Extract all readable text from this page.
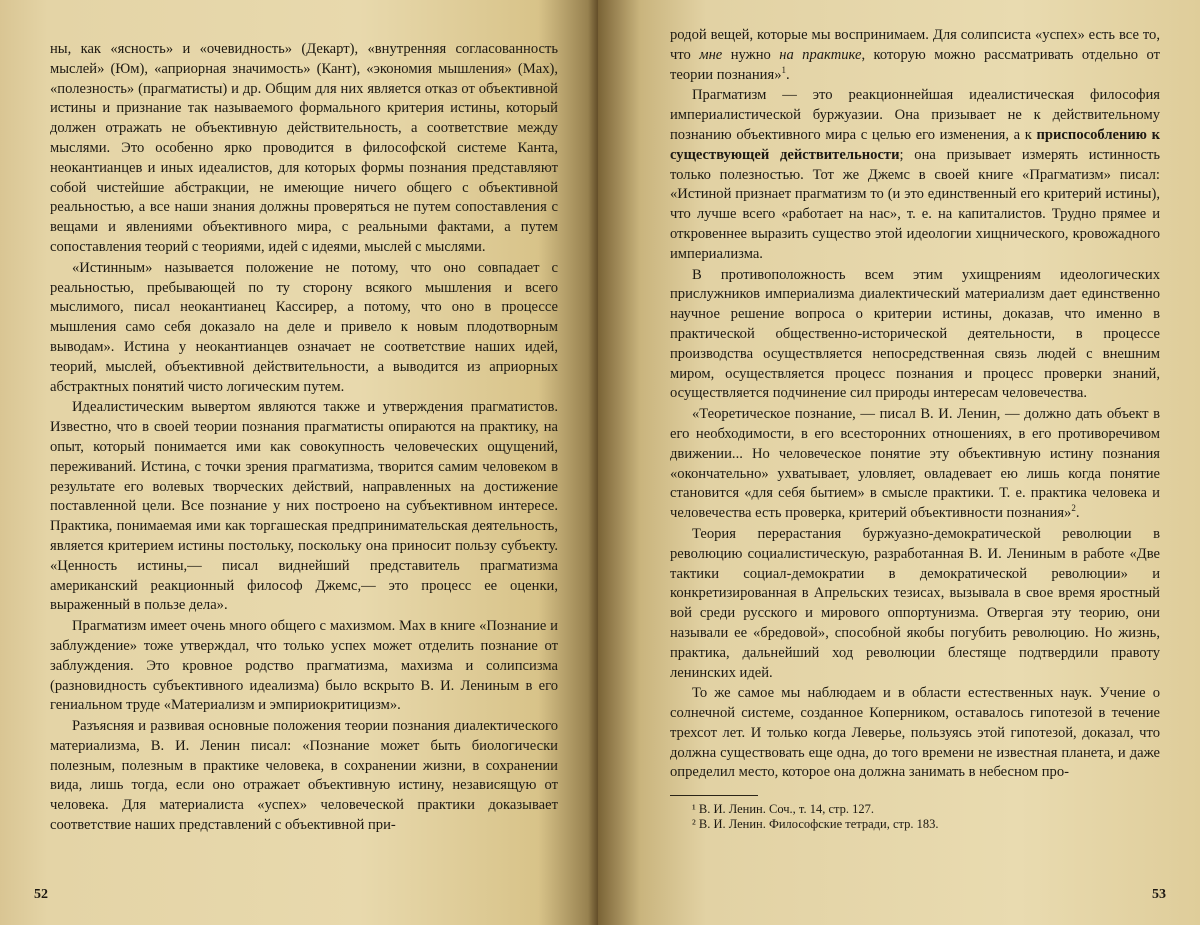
ны, как «ясность» и «очевидность» (Декарт), «внутренняя согласованность мыслей» (Юм), «априорная значимость» (Кант), «экономия мышления» (Мах), «полезность» (прагматисты) и др. Общим для них является отказ от объективной истины и признание так называемого формального критерия истины, который должен отражать не объективную действительность, а соответствие между мыслями. Это особенно ярко проводится в философской системе Канта, неокантианцев и иных идеалистов, для которых формы познания представляют собой чистейшие абстракции, не имеющие ничего общего с объективной реальностью, а все наши знания должны проверяться не путем сопоставления с вещами и явлениями объективного мира, с реальными фактами, а путем сопоставления теорий с теориями, идей с идеями, мыслей с мыслями.

«Истинным» называется положение не потому, что оно совпадает с реальностью, пребывающей по ту сторону всякого мышления и всего мыслимого, писал неокантианец Кассирер, а потому, что оно в процессе мышления само себя доказало на деле и привело к новым плодотворным выводам». Истина у неокантианцев означает не соответствие наших идей, теорий, мыслей, объективной действительности, а выводится из априорных абстрактных понятий чисто логическим путем.

Идеалистическим вывертом являются также и утверждения прагматистов. Известно, что в своей теории познания прагматисты опираются на практику, на опыт, который понимается ими как совокупность человеческих ощущений, переживаний. Истина, с точки зрения прагматизма, творится самим человеком в результате его волевых творческих действий, направленных на достижение поставленной цели. Все познание у них построено на субъективном интересе. Практика, понимаемая ими как торгашеская предпринимательская деятельность, является критерием истины постольку, поскольку она приносит пользу субъекту. «Ценность истины,— писал виднейший представитель прагматизма американский реакционный философ Джемс,— это процесс ее оценки, выраженный в пользе дела».

Прагматизм имеет очень много общего с махизмом. Мах в книге «Познание и заблуждение» тоже утверждал, что только успех может отделить познание от заблуждения. Это кровное родство прагматизма, махизма и солипсизма (разновидность субъективного идеализма) было вскрыто В. И. Лениным в его гениальном труде «Материализм и эмпириокритицизм».

Разъясняя и развивая основные положения теории познания диалектического материализма, В. И. Ленин писал: «Познание может быть биологически полезным, полезным в практике человека, в сохранении жизни, в сохранении вида, лишь тогда, если оно отражает объективную истину, независящую от человека. Для материалиста «успех» человеческой практики доказывает соответствие наших представлений с объективной при-

52

родой вещей, которые мы воспринимаем. Для солипсиста «успех» есть все то, что мне нужно на практике, которую можно рассматривать отдельно от теории познания»$^1$.

Прагматизм — это реакционнейшая идеалистическая философия империалистической буржуазии. Она призывает не к действительному познанию объективного мира с целью его изменения, а к приспособлению к существующей действительности; она призывает измерять истинность только полезностью. Тот же Джемс в своей книге «Прагматизм» писал: «Истиной признает прагматизм то (и это единственный его критерий истины), что лучше всего «работает на нас», т. е. на капиталистов. Трудно прямее и откровеннее выразить существо этой идеологии хищнического, кровожадного империализма.

В противоположность всем этим ухищрениям идеологических прислужников империализма диалектический материализм дает единственно научное решение вопроса о критерии истины, доказав, что именно в практической общественно-исторической деятельности, в процессе производства осуществляется непосредственная связь людей с внешним миром, осуществляется процесс познания и процесс проверки знаний, осуществляется подчинение сил природы интересам человечества.

«Теоретическое познание, — писал В. И. Ленин, — должно дать объект в его необходимости, в его всесторонних отношениях, в его противоречивом движении... Но человеческое понятие эту объективную истину познания «окончательно» ухватывает, уловляет, овладевает ею лишь когда понятие становится «для себя бытием» в смысле практики. Т. е. практика человека и человечества есть проверка, критерий объективности познания»$^2$.

Теория перерастания буржуазно-демократической революции в революцию социалистическую, разработанная В. И. Лениным в работе «Две тактики социал-демократии в демократической революции» и конкретизированная в Апрельских тезисах, вызывала в свое время яростный вой среди русского и мирового оппортунизма. Отвергая эту теорию, они называли ее «бредовой», способной якобы погубить революцию. Но жизнь, практика, дальнейший ход революции блестяще подтвердили правоту ленинских идей.

То же самое мы наблюдаем и в области естественных наук. Учение о солнечной системе, созданное Коперником, оставалось гипотезой в течение трехсот лет. И только когда Леверье, пользуясь этой гипотезой, доказал, что должна существовать еще одна, до того времени не известная планета, и даже определил место, которое она должна занимать в небесном про-

¹ В. И. Ленин. Соч., т. 14, стр. 127.

² В. И. Ленин. Философские тетради, стр. 183.

53
